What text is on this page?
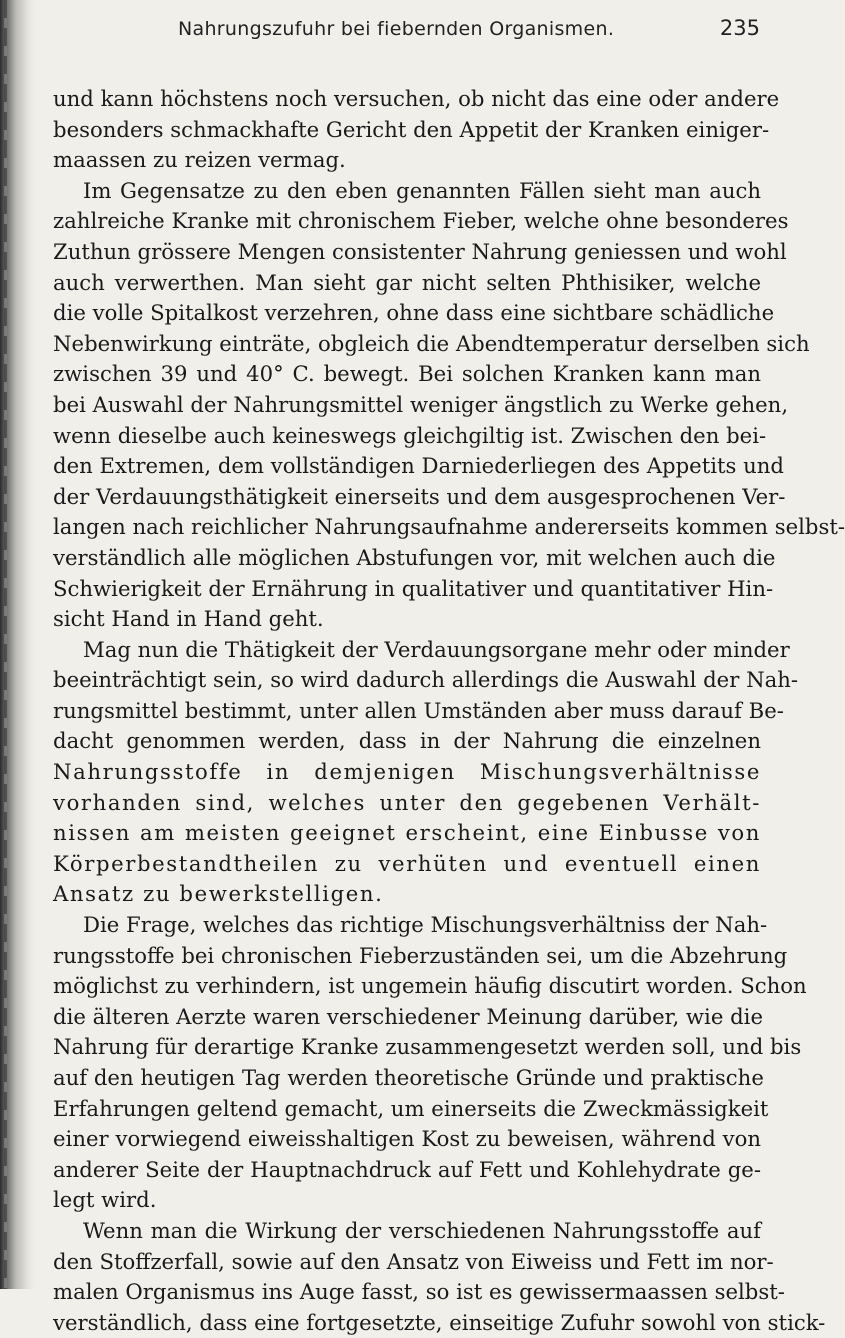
Nahrungszufuhr bei fiebernden Organismen.	235
und kann höchstens noch versuchen, ob nicht das eine oder andere
besonders schmackhafte Gericht den Appetit der Kranken einiger-
maassen zu reizen vermag.
Im Gegensatze zu den eben genannten Fällen sieht man auch
zahlreiche Kranke mit chronischem Fieber, welche ohne besonderes
Zuthun grössere Mengen consistenter Nahrung geniessen und wohl
auch verwerthen. Man sieht gar nicht selten Phthisiker, welche
die volle Spitalkost verzehren, ohne dass eine sichtbare schädliche
Nebenwirkung einträte, obgleich die Abendtemperatur derselben sich
zwischen 39 und 40° C. bewegt. Bei solchen Kranken kann man
bei Auswahl der Nahrungsmittel weniger ängstlich zu Werke gehen,
wenn dieselbe auch keineswegs gleichgiltig ist. Zwischen den bei-
den Extremen, dem vollständigen Darniederliegen des Appetits und
der Verdauungsthätigkeit einerseits und dem ausgesprochenen Ver-
langen nach reichlicher Nahrungsaufnahme andererseits kommen selbst-
verständlich alle möglichen Abstufungen vor, mit welchen auch die
Schwierigkeit der Ernährung in qualitativer und quantitativer Hin-
sicht Hand in Hand geht.
Mag nun die Thätigkeit der Verdauungsorgane mehr oder minder
beeinträchtigt sein, so wird dadurch allerdings die Auswahl der Nah-
rungsmittel bestimmt, unter allen Umständen aber muss darauf Be-
dacht genommen werden, dass in der Nahrung die einzelnen
Nahrungsstoffe in demjenigen Mischungsverhältnisse
vorhanden sind, welches unter den gegebenen Verhält-
nissen am meisten geeignet erscheint, eine Einbusse von
Körperbestandtheilen zu verhüten und eventuell einen
Ansatz zu bewerkstelligen.
Die Frage, welches das richtige Mischungsverhältniss der Nah-
rungsstoffe bei chronischen Fieberzuständen sei, um die Abzehrung
möglichst zu verhindern, ist ungemein häufig discutirt worden. Schon
die älteren Aerzte waren verschiedener Meinung darüber, wie die
Nahrung für derartige Kranke zusammengesetzt werden soll, und bis
auf den heutigen Tag werden theoretische Gründe und praktische
Erfahrungen geltend gemacht, um einerseits die Zweckmässigkeit
einer vorwiegend eiweisshaltigen Kost zu beweisen, während von
anderer Seite der Hauptnachdruck auf Fett und Kohlehydrate ge-
legt wird.
Wenn man die Wirkung der verschiedenen Nahrungsstoffe auf
den Stoffzerfall, sowie auf den Ansatz von Eiweiss und Fett im nor-
malen Organismus ins Auge fasst, so ist es gewissermaassen selbst-
verständlich, dass eine fortgesetzte, einseitige Zufuhr sowohl von stick-
